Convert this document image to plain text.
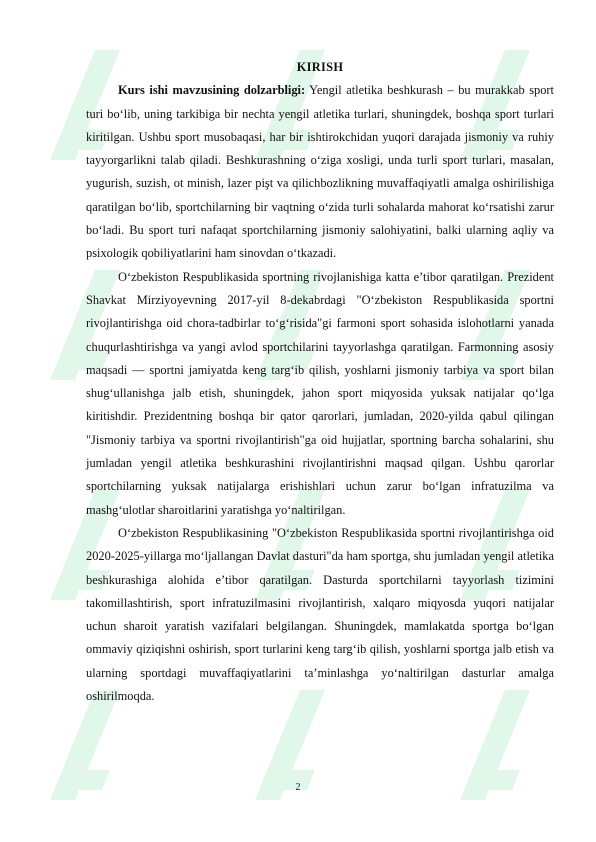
KIRISH

Kurs ishi mavzusining dolzarbligi: Yengil atletika beshkurash – bu murakkab sport turi bo‘lib, uning tarkibiga bir nechta yengil atletika turlari, shuningdek, boshqa sport turlari kiritilgan. Ushbu sport musobaqasi, har bir ishtirokchidan yuqori darajada jismoniy va ruhiy tayyorgarlikni talab qiladi. Beshkurashning o‘ziga xosligi, unda turli sport turlari, masalan, yugurish, suzish, ot minish, lazer pişt va qilichbozlikning muvaffaqiyatli amalga oshirilishiga qaratilgan bo‘lib, sportchilarning bir vaqtning o‘zida turli sohalarda mahorat ko‘rsatishi zarur bo‘ladi. Bu sport turi nafaqat sportchilarning jismoniy salohiyatini, balki ularning aqliy va psixologik qobiliyatlarini ham sinovdan o‘tkazadi.

O‘zbekiston Respublikasida sportning rivojlanishiga katta e’tibor qaratilgan. Prezident Shavkat Mirziyoyevning 2017-yil 8-dekabrdagi "O‘zbekiston Respublikasida sportni rivojlantirishga oid chora-tadbirlar to‘g‘risida"gi farmoni sport sohasida islohotlarni yanada chuqurlashtirishga va yangi avlod sportchilarini tayyorlashga qaratilgan. Farmonning asosiy maqsadi — sportni jamiyatda keng targ‘ib qilish, yoshlarni jismoniy tarbiya va sport bilan shug‘ullanishga jalb etish, shuningdek, jahon sport miqyosida yuksak natijalar qo‘lga kiritishdir. Prezidentning boshqa bir qator qarorlari, jumladan, 2020-yilda qabul qilingan "Jismoniy tarbiya va sportni rivojlantirish"ga oid hujjatlar, sportning barcha sohalarini, shu jumladan yengil atletika beshkurashini rivojlantirishni maqsad qilgan. Ushbu qarorlar sportchilarning yuksak natijalarga erishishlari uchun zarur bo‘lgan infratuzilma va mashg‘ulotlar sharoitlarini yaratishga yo‘naltirilgan.

O‘zbekiston Respublikasining "O‘zbekiston Respublikasida sportni rivojlantirishga oid 2020-2025-yillarga mo‘ljallangan Davlat dasturi"da ham sportga, shu jumladan yengil atletika beshkurashiga alohida e’tibor qaratilgan. Dasturda sportchilarni tayyorlash tizimini takomillashtirish, sport infratuzilmasini rivojlantirish, xalqaro miqyosda yuqori natijalar uchun sharoit yaratish vazifalari belgilangan. Shuningdek, mamlakatda sportga bo‘lgan ommaviy qiziqishni oshirish, sport turlarini keng targ‘ib qilish, yoshlarni sportga jalb etish va ularning sportdagi muvaffaqiyatlarini ta’minlashga yo‘naltirilgan dasturlar amalga oshirilmoqda.

2
